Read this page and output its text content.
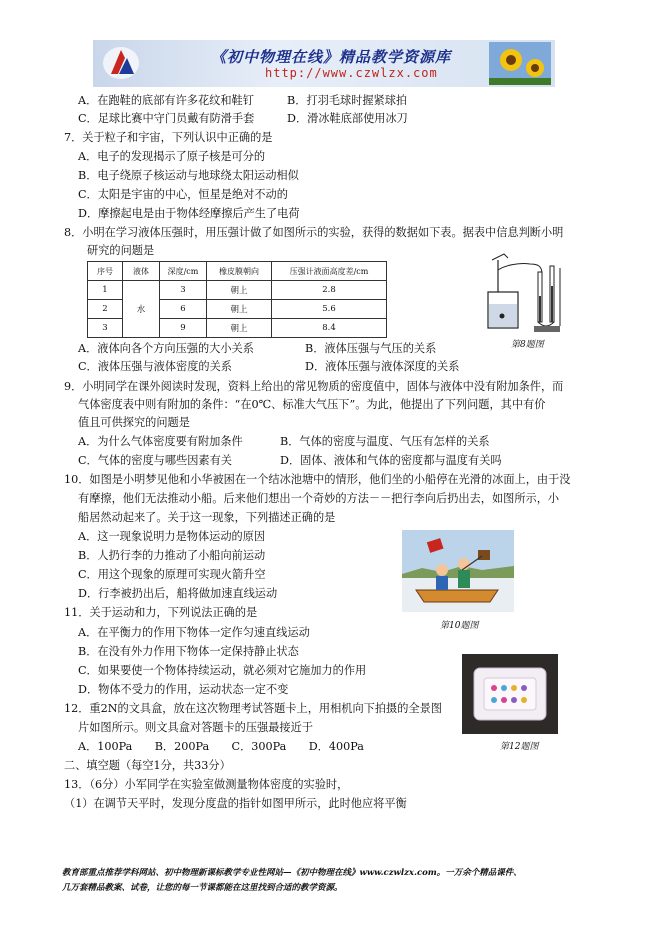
《初中物理在线》精品教学资源库
http://www.czwlzx.com
A．在跑鞋的底部有许多花纹和鞋钉	B．打羽毛球时握紧球拍
C．足球比赛中守门员戴有防滑手套	D．滑冰鞋底部使用冰刀
7．关于粒子和宇宙，下列认识中正确的是
A．电子的发现揭示了原子核是可分的
B．电子绕原子核运动与地球绕太阳运动相似
C．太阳是宇宙的中心，恒星是绝对不动的
D．摩擦起电是由于物体经摩擦后产生了电荷
8．小明在学习液体压强时，用压强计做了如图所示的实验，获得的数据如下表。据表中信息判断小明
研究的问题是
序号	液体	深度/cm	橡皮膜朝向	压强计液面高度差/cm
1	水	3	朝上	2.8
2		6	朝上	5.6
3		9	朝上	8.4
第8题图
A．液体向各个方向压强的大小关系	B．液体压强与气压的关系
C．液体压强与液体密度的关系	D．液体压强与液体深度的关系
9．小明同学在课外阅读时发现，资料上给出的常见物质的密度值中，固体与液体中没有附加条件，而
气体密度表中则有附加的条件：“在0℃、标准大气压下”。为此，他提出了下列问题，其中有价
值且可供探究的问题是
A．为什么气体密度要有附加条件	B．气体的密度与温度、气压有怎样的关系
C．气体的密度与哪些因素有关	D．固体、液体和气体的密度都与温度有关吗
10．如图是小明梦见他和小华被困在一个结冰池塘中的情形，他们坐的小船停在光滑的冰面上，由于没
有摩擦，他们无法推动小船。后来他们想出一个奇妙的方法－－把行李向后扔出去，如图所示，小
船居然动起来了。关于这一现象，下列描述正确的是
A．这一现象说明力是物体运动的原因
B．人扔行李的力推动了小船向前运动
C．用这个现象的原理可实现火箭升空
D．行李被扔出后，船将做加速直线运动
第10题图
11．关于运动和力，下列说法正确的是
A．在平衡力的作用下物体一定作匀速直线运动
B．在没有外力作用下物体一定保持静止状态
C．如果要使一个物体持续运动，就必须对它施加力的作用
D．物体不受力的作用，运动状态一定不变
第12题图
12．重2N的文具盒，放在这次物理考试答题卡上，用相机向下拍摄的全景图
片如图所示。则文具盒对答题卡的压强最接近于
A．100Pa　　B．200Pa　　C．300Pa　　D．400Pa
二、填空题（每空1分，共33分）
13．（6分）小军同学在实验室做测量物体密度的实验时，
（1）在调节天平时，发现分度盘的指针如图甲所示，此时他应将平衡
教育部重点推荐学科网站、初中物理新课标教学专业性网站—《初中物理在线》www.czwlzx.com。一万余个精品课件、
几万套精品教案、试卷，让您的每一节课都能在这里找到合适的教学资源。
